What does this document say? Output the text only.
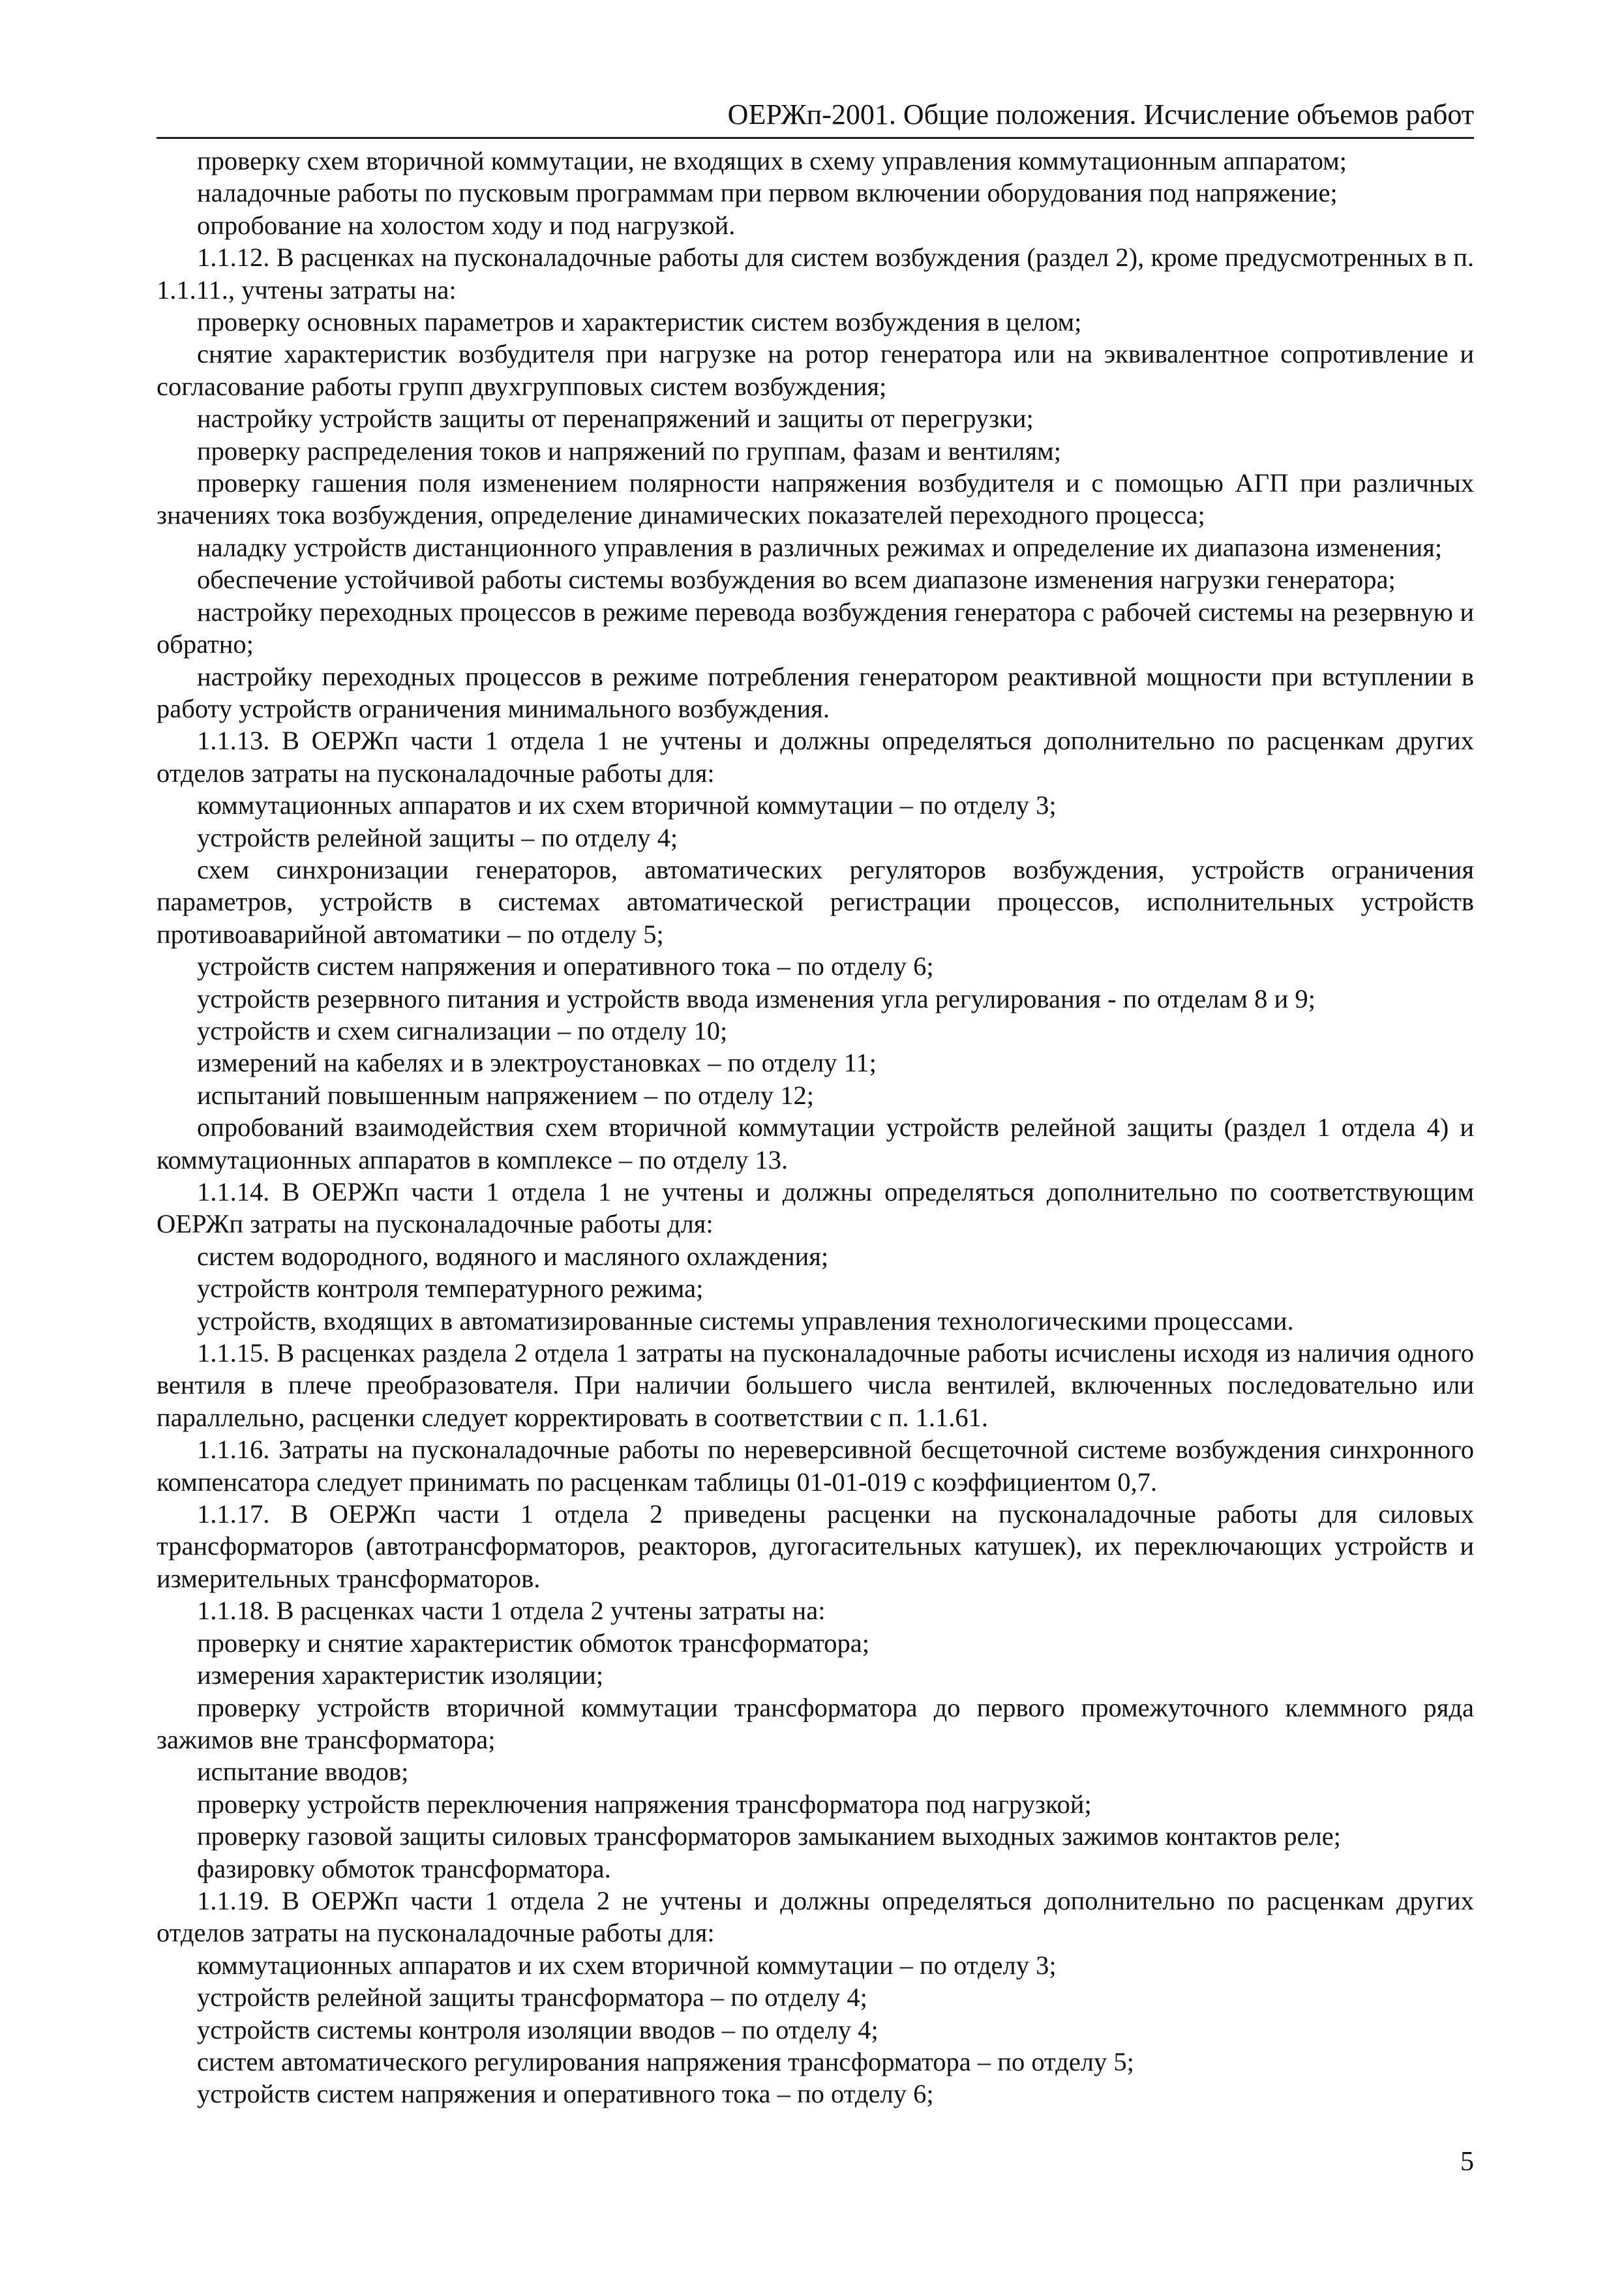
ОЕРЖп-2001. Общие положения. Исчисление объемов работ

проверку схем вторичной коммутации, не входящих в схему управления коммутационным аппаратом;

наладочные работы по пусковым программам при первом включении оборудования под напряжение;

опробование на холостом ходу и под нагрузкой.

1.1.12. В расценках на пусконаладочные работы для систем возбуждения (раздел 2), кроме предусмотренных в п. 1.1.11., учтены затраты на:

проверку основных параметров и характеристик систем возбуждения в целом;

снятие характеристик возбудителя при нагрузке на ротор генератора или на эквивалентное сопротивление и согласование работы групп двухгрупповых систем возбуждения;

настройку устройств защиты от перенапряжений и защиты от перегрузки;

проверку распределения токов и напряжений по группам, фазам и вентилям;

проверку гашения поля изменением полярности напряжения возбудителя и с помощью АГП при различных значениях тока возбуждения, определение динамических показателей переходного процесса;

наладку устройств дистанционного управления в различных режимах и определение их диапазона изменения;

обеспечение устойчивой работы системы возбуждения во всем диапазоне изменения нагрузки генератора;

настройку переходных процессов в режиме перевода возбуждения генератора с рабочей системы на резервную и обратно;

настройку переходных процессов в режиме потребления генератором реактивной мощности при вступлении в работу устройств ограничения минимального возбуждения.

1.1.13. В ОЕРЖп части 1 отдела 1 не учтены и должны определяться дополнительно по расценкам других отделов затраты на пусконаладочные работы для:

коммутационных аппаратов и их схем вторичной коммутации – по отделу 3;

устройств релейной защиты – по отделу 4;

схем синхронизации генераторов, автоматических регуляторов возбуждения, устройств ограничения параметров, устройств в системах автоматической регистрации процессов, исполнительных устройств противоаварийной автоматики – по отделу 5;

устройств систем напряжения и оперативного тока – по отделу 6;

устройств резервного питания и устройств ввода изменения угла регулирования - по отделам 8 и 9;

устройств и схем сигнализации – по отделу 10;

измерений на кабелях и в электроустановках – по отделу 11;

испытаний повышенным напряжением – по отделу 12;

опробований взаимодействия схем вторичной коммутации устройств релейной защиты (раздел 1 отдела 4) и коммутационных аппаратов в комплексе – по отделу 13.

1.1.14. В ОЕРЖп части 1 отдела 1 не учтены и должны определяться дополнительно по соответствующим ОЕРЖп затраты на пусконаладочные работы для:

систем водородного, водяного и масляного охлаждения;

устройств контроля температурного режима;

устройств, входящих в автоматизированные системы управления технологическими процессами.

1.1.15. В расценках раздела 2 отдела 1 затраты на пусконаладочные работы исчислены исходя из наличия одного вентиля в плече преобразователя. При наличии большего числа вентилей, включенных последовательно или параллельно, расценки следует корректировать в соответствии с п. 1.1.61.

1.1.16. Затраты на пусконаладочные работы по нереверсивной бесщеточной системе возбуждения синхронного компенсатора следует принимать по расценкам таблицы 01-01-019 с коэффициентом 0,7.

1.1.17. В ОЕРЖп части 1 отдела 2 приведены расценки на пусконаладочные работы для силовых трансформаторов (автотрансформаторов, реакторов, дугогасительных катушек), их переключающих устройств и измерительных трансформаторов.

1.1.18. В расценках части 1 отдела 2 учтены затраты на:

проверку и снятие характеристик обмоток трансформатора;

измерения характеристик изоляции;

проверку устройств вторичной коммутации трансформатора до первого промежуточного клеммного ряда зажимов вне трансформатора;

испытание вводов;

проверку устройств переключения напряжения трансформатора под нагрузкой;

проверку газовой защиты силовых трансформаторов замыканием выходных зажимов контактов реле;

фазировку обмоток трансформатора.

1.1.19. В ОЕРЖп части 1 отдела 2 не учтены и должны определяться дополнительно по расценкам других отделов затраты на пусконаладочные работы для:

коммутационных аппаратов и их схем вторичной коммутации – по отделу 3;

устройств релейной защиты трансформатора – по отделу 4;

устройств системы контроля изоляции вводов – по отделу 4;

систем автоматического регулирования напряжения трансформатора – по отделу 5;

устройств систем напряжения и оперативного тока – по отделу 6;

5
